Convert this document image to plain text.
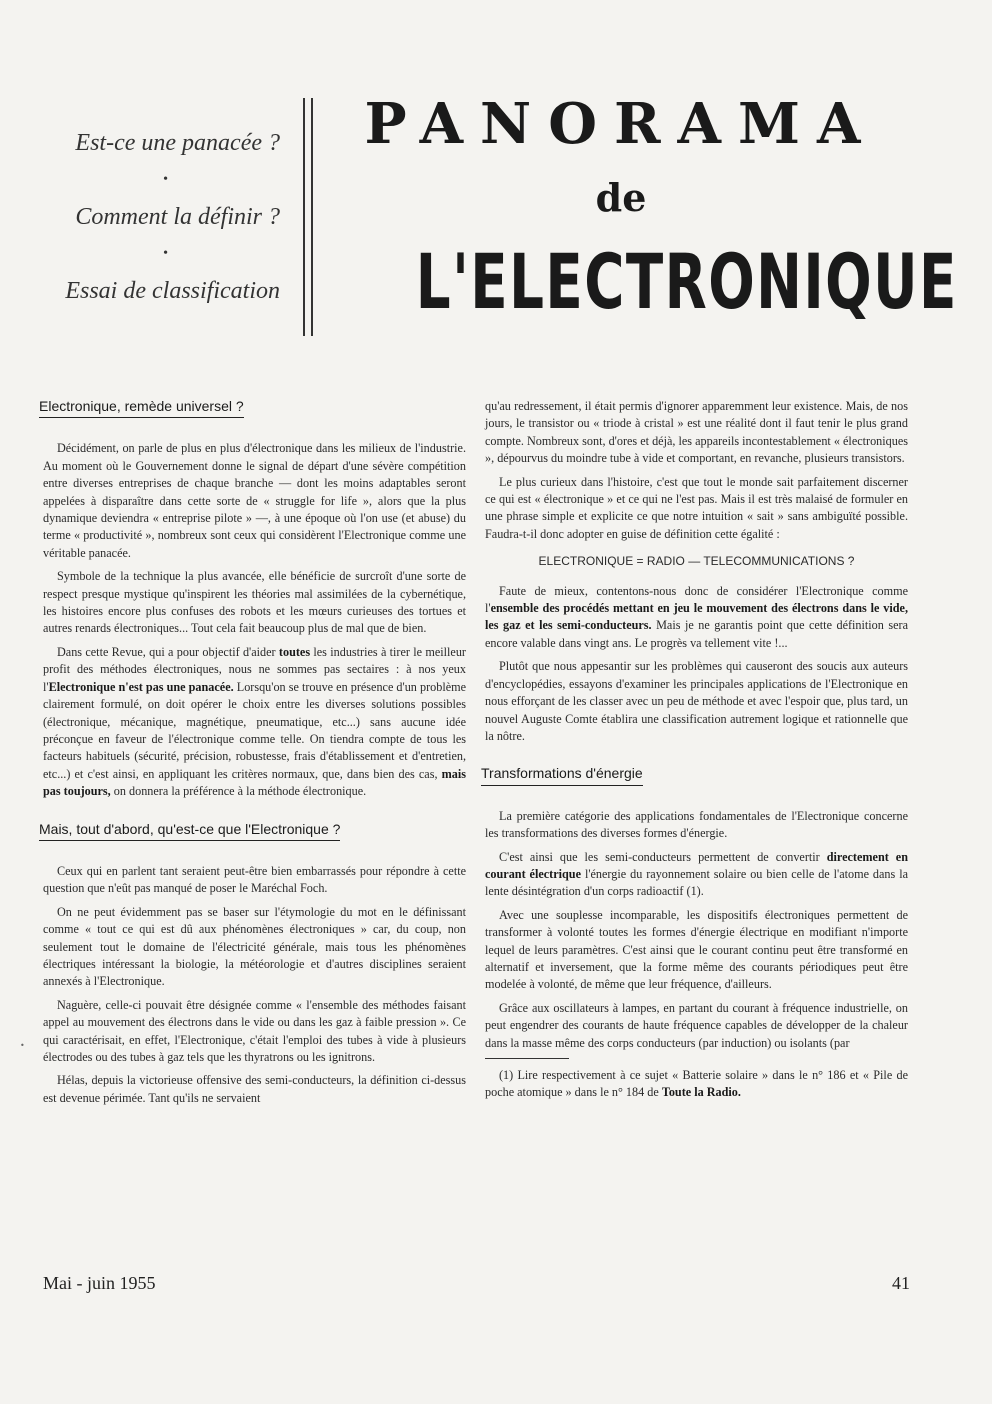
Est-ce une panacée ?
•
Comment la définir ?
•
Essai de classification
PANORAMA
de
L'ELECTRONIQUE
Electronique, remède universel ?

Décidément, on parle de plus en plus d'électronique dans les milieux de l'industrie. Au moment où le Gouvernement donne le signal de départ d'une sévère compétition entre diverses entreprises de chaque branche — dont les moins adaptables seront appelées à disparaître dans cette sorte de « struggle for life », alors que la plus dynamique deviendra « entreprise pilote » —, à une époque où l'on use (et abuse) du terme « productivité », nombreux sont ceux qui considèrent l'Electronique comme une véritable panacée.

Symbole de la technique la plus avancée, elle bénéficie de surcroît d'une sorte de respect presque mystique qu'inspirent les théories mal assimilées de la cybernétique, les histoires encore plus confuses des robots et les mœurs curieuses des tortues et autres renards électroniques... Tout cela fait beaucoup plus de mal que de bien.

Dans cette Revue, qui a pour objectif d'aider toutes les industries à tirer le meilleur profit des méthodes électroniques, nous ne sommes pas sectaires : à nos yeux l'Electronique n'est pas une panacée. Lorsqu'on se trouve en présence d'un problème clairement formulé, on doit opérer le choix entre les diverses solutions possibles (électronique, mécanique, magnétique, pneumatique, etc...) sans aucune idée préconçue en faveur de l'électronique comme telle. On tiendra compte de tous les facteurs habituels (sécurité, précision, robustesse, frais d'établissement et d'entretien, etc...) et c'est ainsi, en appliquant les critères normaux, que, dans bien des cas, mais pas toujours, on donnera la préférence à la méthode électronique.

Mais, tout d'abord, qu'est-ce que l'Electronique ?

Ceux qui en parlent tant seraient peut-être bien embarrassés pour répondre à cette question que n'eût pas manqué de poser le Maréchal Foch.

On ne peut évidemment pas se baser sur l'étymologie du mot en le définissant comme « tout ce qui est dû aux phénomènes électroniques » car, du coup, non seulement tout le domaine de l'électricité générale, mais tous les phénomènes électriques intéressant la biologie, la météorologie et d'autres disciplines seraient annexés à l'Electronique.

Naguère, celle-ci pouvait être désignée comme « l'ensemble des méthodes faisant appel au mouvement des électrons dans le vide ou dans les gaz à faible pression ». Ce qui caractérisait, en effet, l'Electronique, c'était l'emploi des tubes à vide à plusieurs électrodes ou des tubes à gaz tels que les thyratrons ou les ignitrons.

Hélas, depuis la victorieuse offensive des semi-conducteurs, la définition ci-dessus est devenue périmée. Tant qu'ils ne servaient

qu'au redressement, il était permis d'ignorer apparemment leur existence. Mais, de nos jours, le transistor ou « triode à cristal » est une réalité dont il faut tenir le plus grand compte. Nombreux sont, d'ores et déjà, les appareils incontestablement « électroniques », dépourvus du moindre tube à vide et comportant, en revanche, plusieurs transistors.

Le plus curieux dans l'histoire, c'est que tout le monde sait parfaitement discerner ce qui est « électronique » et ce qui ne l'est pas. Mais il est très malaisé de formuler en une phrase simple et explicite ce que notre intuition « sait » sans ambiguïté possible. Faudra-t-il donc adopter en guise de définition cette égalité :

ELECTRONIQUE = RADIO — TELECOMMUNICATIONS ?

Faute de mieux, contentons-nous donc de considérer l'Electronique comme l'ensemble des procédés mettant en jeu le mouvement des électrons dans le vide, les gaz et les semi-conducteurs. Mais je ne garantis point que cette définition sera encore valable dans vingt ans. Le progrès va tellement vite !...

Plutôt que nous appesantir sur les problèmes qui causeront des soucis aux auteurs d'encyclopédies, essayons d'examiner les principales applications de l'Electronique en nous efforçant de les classer avec un peu de méthode et avec l'espoir que, plus tard, un nouvel Auguste Comte établira une classification autrement logique et rationnelle que la nôtre.

Transformations d'énergie

La première catégorie des applications fondamentales de l'Electronique concerne les transformations des diverses formes d'énergie.

C'est ainsi que les semi-conducteurs permettent de convertir directement en courant électrique l'énergie du rayonnement solaire ou bien celle de l'atome dans la lente désintégration d'un corps radioactif (1).

Avec une souplesse incomparable, les dispositifs électroniques permettent de transformer à volonté toutes les formes d'énergie électrique en modifiant n'importe lequel de leurs paramètres. C'est ainsi que le courant continu peut être transformé en alternatif et inversement, que la forme même des courants périodiques peut être modelée à volonté, de même que leur fréquence, d'ailleurs.

Grâce aux oscillateurs à lampes, en partant du courant à fréquence industrielle, on peut engendrer des courants de haute fréquence capables de développer de la chaleur dans la masse même des corps conducteurs (par induction) ou isolants (par

(1) Lire respectivement à ce sujet « Batterie solaire » dans le n° 186 et « Pile de poche atomique » dans le n° 184 de Toute la Radio.

•
Mai - juin 1955	41
